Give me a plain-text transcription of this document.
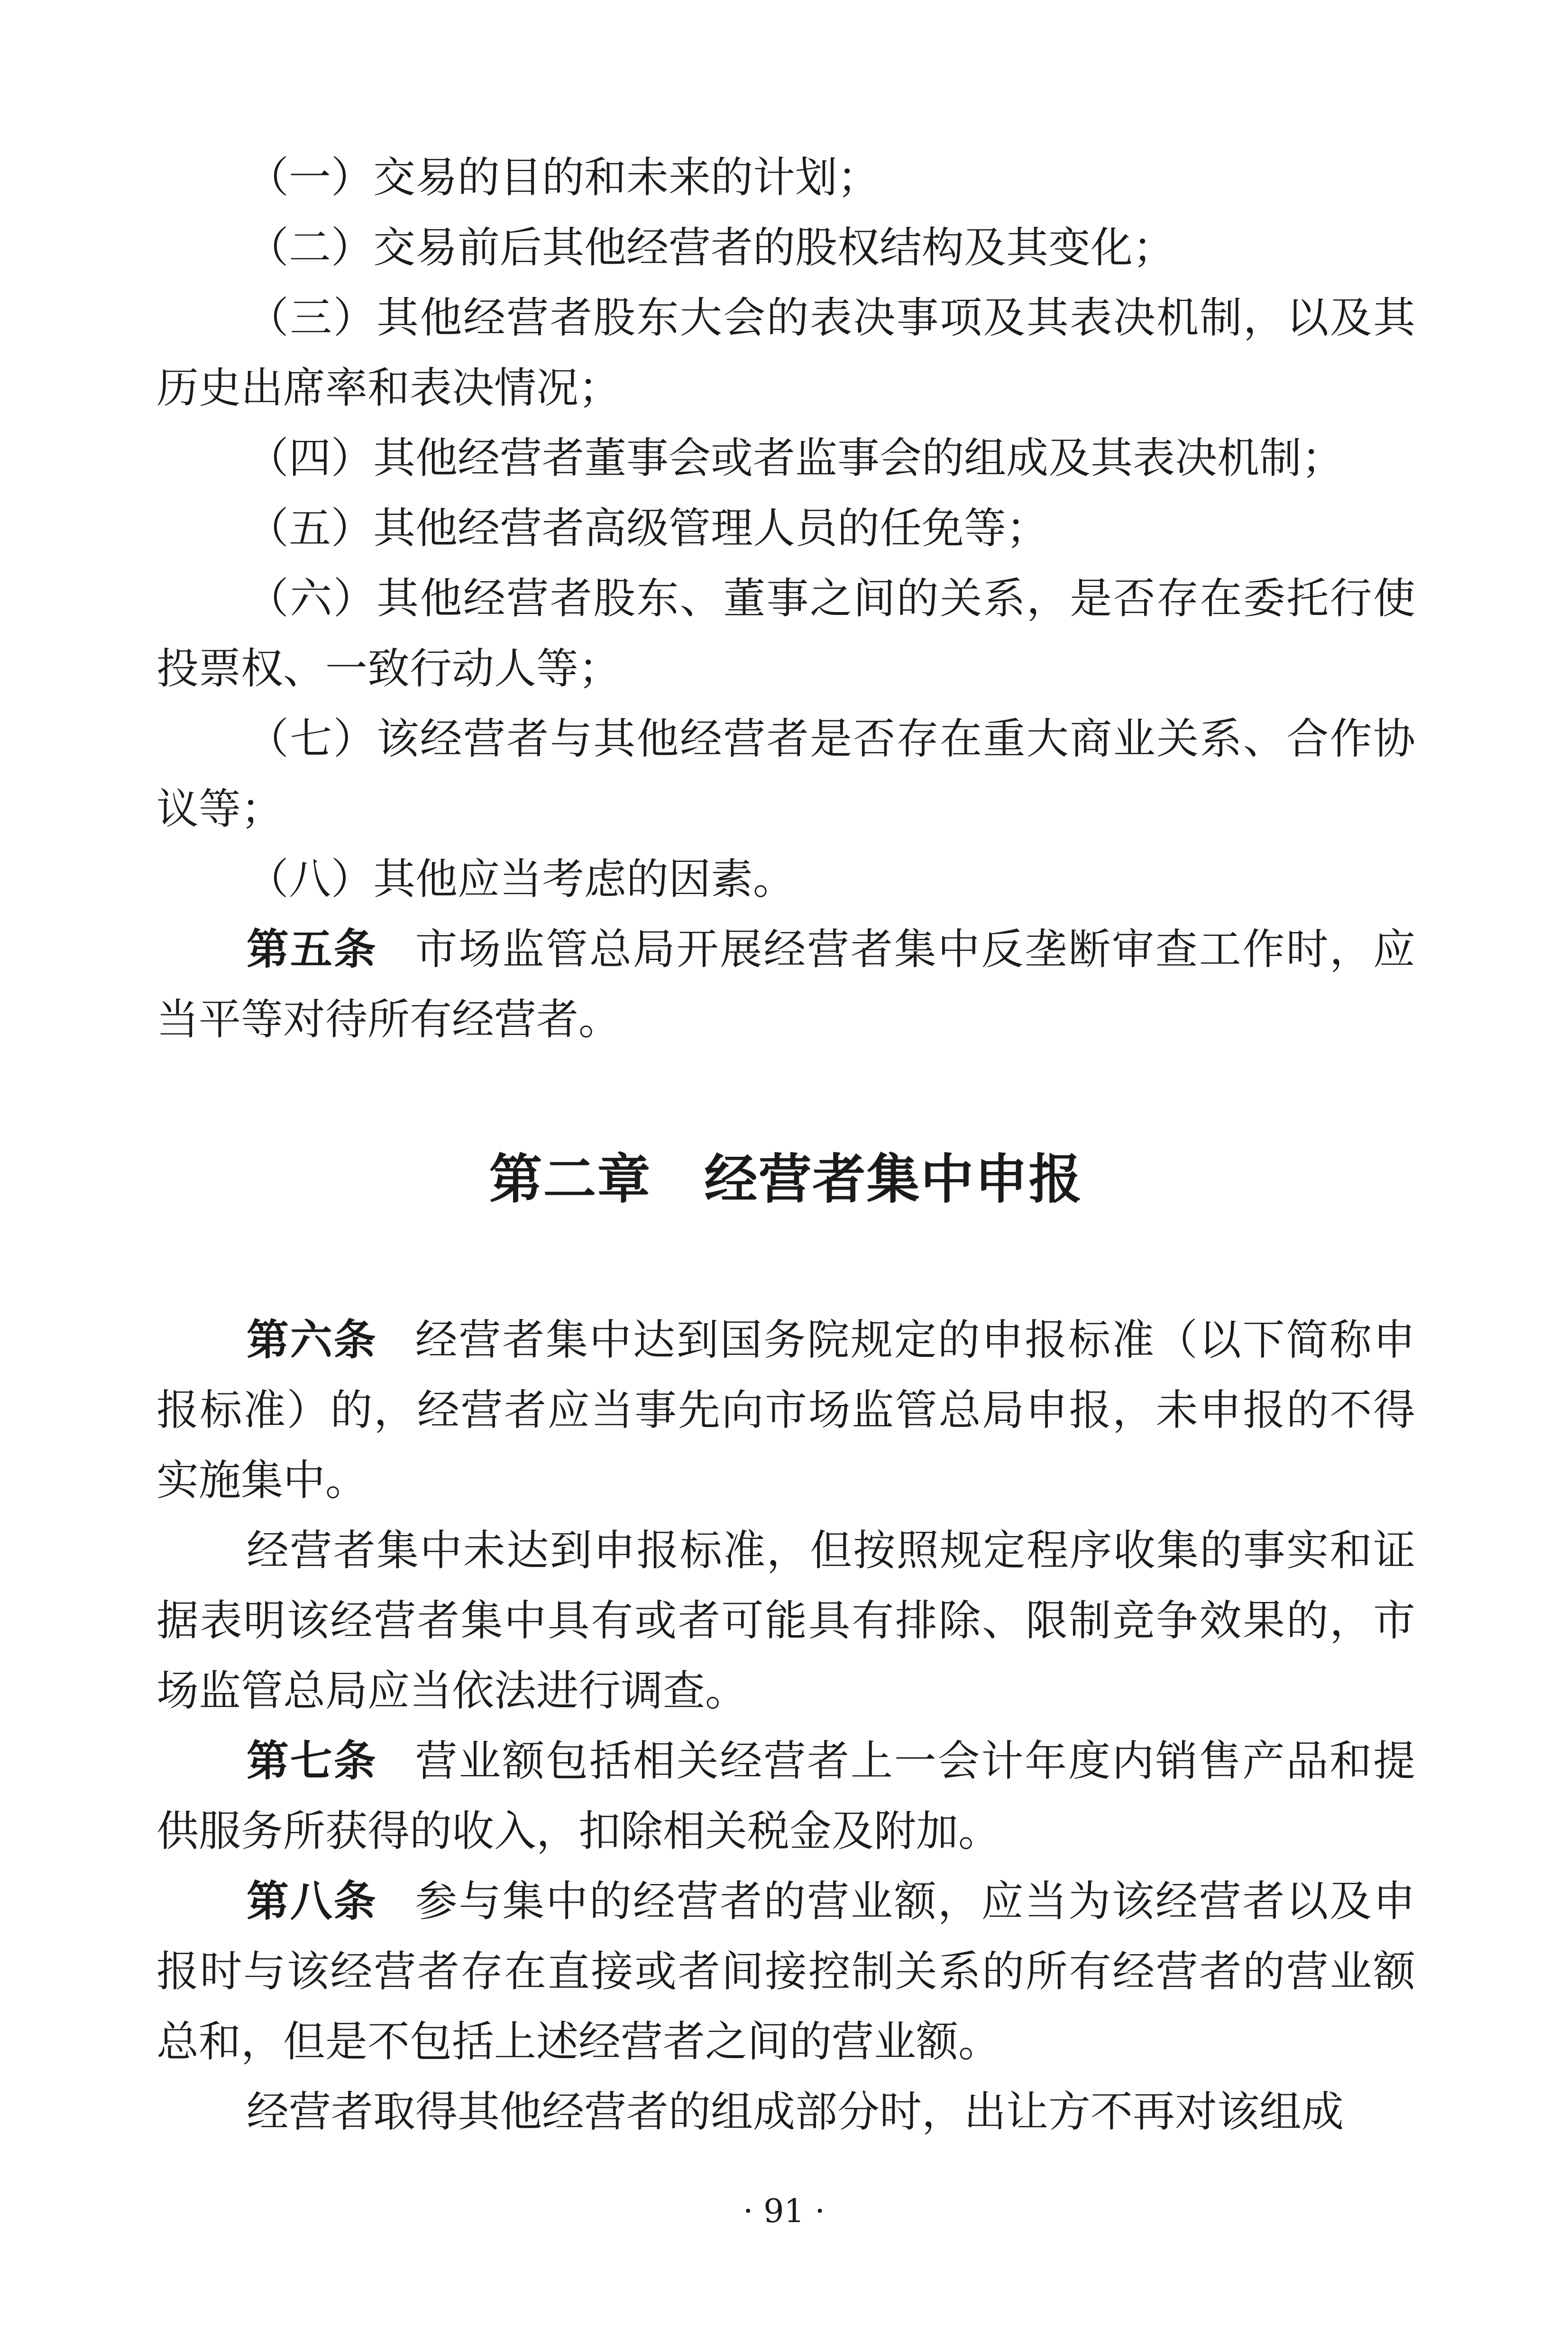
（一）交易的目的和未来的计划；

（二）交易前后其他经营者的股权结构及其变化；

（三）其他经营者股东大会的表决事项及其表决机制，以及其历史出席率和表决情况；

（四）其他经营者董事会或者监事会的组成及其表决机制；

（五）其他经营者高级管理人员的任免等；

（六）其他经营者股东、董事之间的关系，是否存在委托行使投票权、一致行动人等；

（七）该经营者与其他经营者是否存在重大商业关系、合作协议等；

（八）其他应当考虑的因素。

第五条 市场监管总局开展经营者集中反垄断审查工作时，应当平等对待所有经营者。

第二章 经营者集中申报

第六条 经营者集中达到国务院规定的申报标准（以下简称申报标准）的，经营者应当事先向市场监管总局申报，未申报的不得实施集中。

经营者集中未达到申报标准，但按照规定程序收集的事实和证据表明该经营者集中具有或者可能具有排除、限制竞争效果的，市场监管总局应当依法进行调查。

第七条 营业额包括相关经营者上一会计年度内销售产品和提供服务所获得的收入，扣除相关税金及附加。

第八条 参与集中的经营者的营业额，应当为该经营者以及申报时与该经营者存在直接或者间接控制关系的所有经营者的营业额总和，但是不包括上述经营者之间的营业额。

经营者取得其他经营者的组成部分时，出让方不再对该组成

· 91 ·
